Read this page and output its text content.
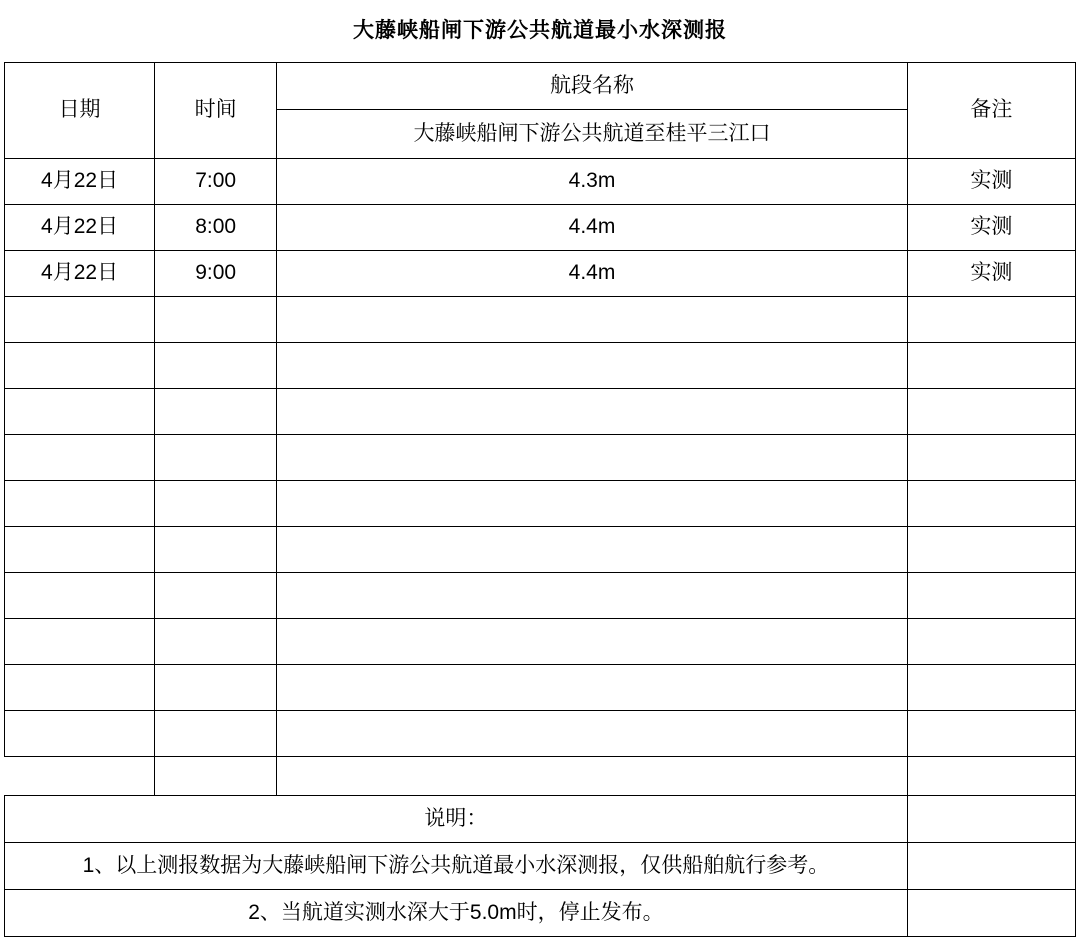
大藤峡船闸下游公共航道最小水深测报			
日期	时间	航段名称	备注
		大藤峡船闸下游公共航道至桂平三江口	
4月22日	7:00	4.3m	实测
4月22日	8:00	4.4m	实测
4月22日	9:00	4.4m	实测

说明：			
1、以上测报数据为大藤峡船闸下游公共航道最小水深测报，仅供船舶航行参考。			
2、当航道实测水深大于5.0m时，停止发布。			
